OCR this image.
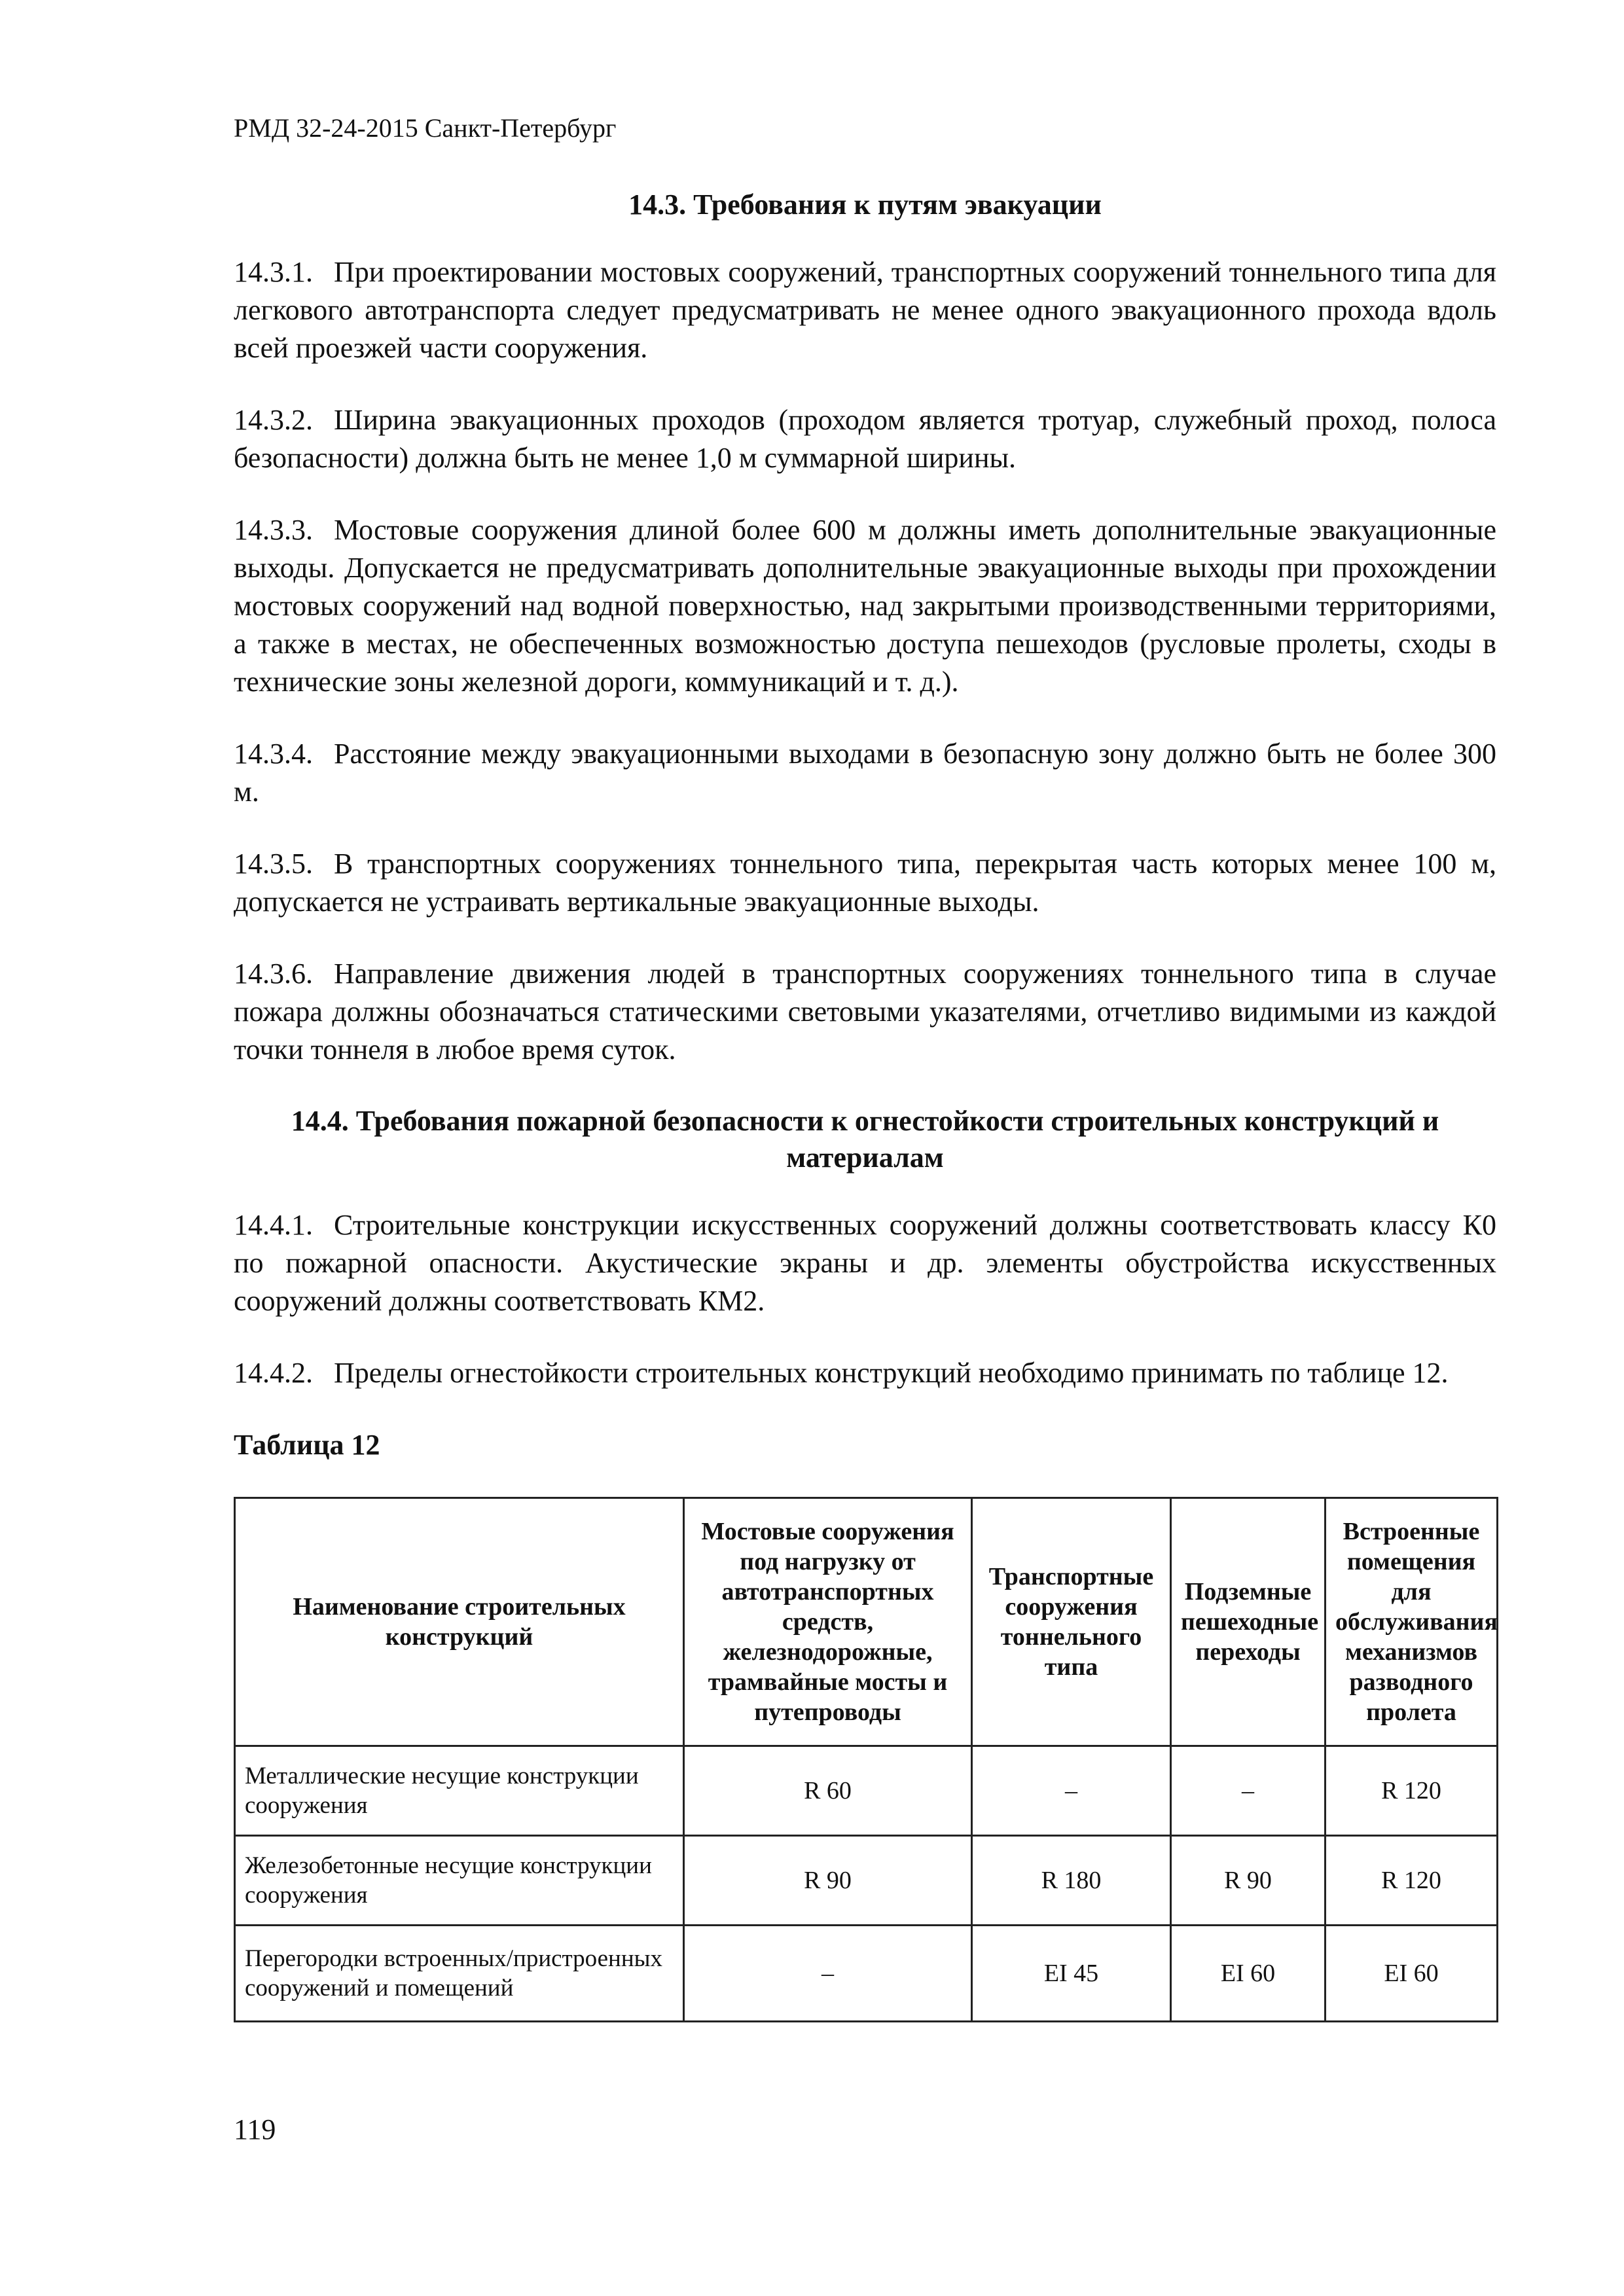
РМД 32-24-2015 Санкт-Петербург
14.3. Требования к путям эвакуации
14.3.1. При проектировании мостовых сооружений, транспортных сооружений тоннельного типа для легкового автотранспорта следует предусматривать не менее одного эвакуационного прохода вдоль всей проезжей части сооружения.
14.3.2. Ширина эвакуационных проходов (проходом является тротуар, служебный проход, полоса безопасности) должна быть не менее 1,0 м суммарной ширины.
14.3.3. Мостовые сооружения длиной более 600 м должны иметь дополнительные эвакуационные выходы. Допускается не предусматривать дополнительные эвакуационные выходы при прохождении мостовых сооружений над водной поверхностью, над закрытыми производственными территориями, а также в местах, не обеспеченных возможностью доступа пешеходов (русловые пролеты, сходы в технические зоны железной дороги, коммуникаций и т. д.).
14.3.4. Расстояние между эвакуационными выходами в безопасную зону должно быть не более 300 м.
14.3.5. В транспортных сооружениях тоннельного типа, перекрытая часть которых менее 100 м, допускается не устраивать вертикальные эвакуационные выходы.
14.3.6. Направление движения людей в транспортных сооружениях тоннельного типа в случае пожара должны обозначаться статическими световыми указателями, отчетливо видимыми из каждой точки тоннеля в любое время суток.
14.4. Требования пожарной безопасности к огнестойкости строительных конструкций и материалам
14.4.1. Строительные конструкции искусственных сооружений должны соответствовать классу К0 по пожарной опасности. Акустические экраны и др. элементы обустройства искусственных сооружений должны соответствовать КМ2.
14.4.2. Пределы огнестойкости строительных конструкций необходимо принимать по таблице 12.
Таблица 12
Наименование строительных конструкций	Мостовые сооружения под нагрузку от автотранспортных средств, железнодорожные, трамвайные мосты и путепроводы	Транспортные сооружения тоннельного типа	Подземные пешеходные переходы	Встроенные помещения для обслуживания механизмов разводного пролета
Металлические несущие конструкции сооружения	R 60	–	–	R 120
Железобетонные несущие конструкции сооружения	R 90	R 180	R 90	R 120
Перегородки встроенных/пристроенных сооружений и помещений	–	EI 45	EI 60	EI 60
119
